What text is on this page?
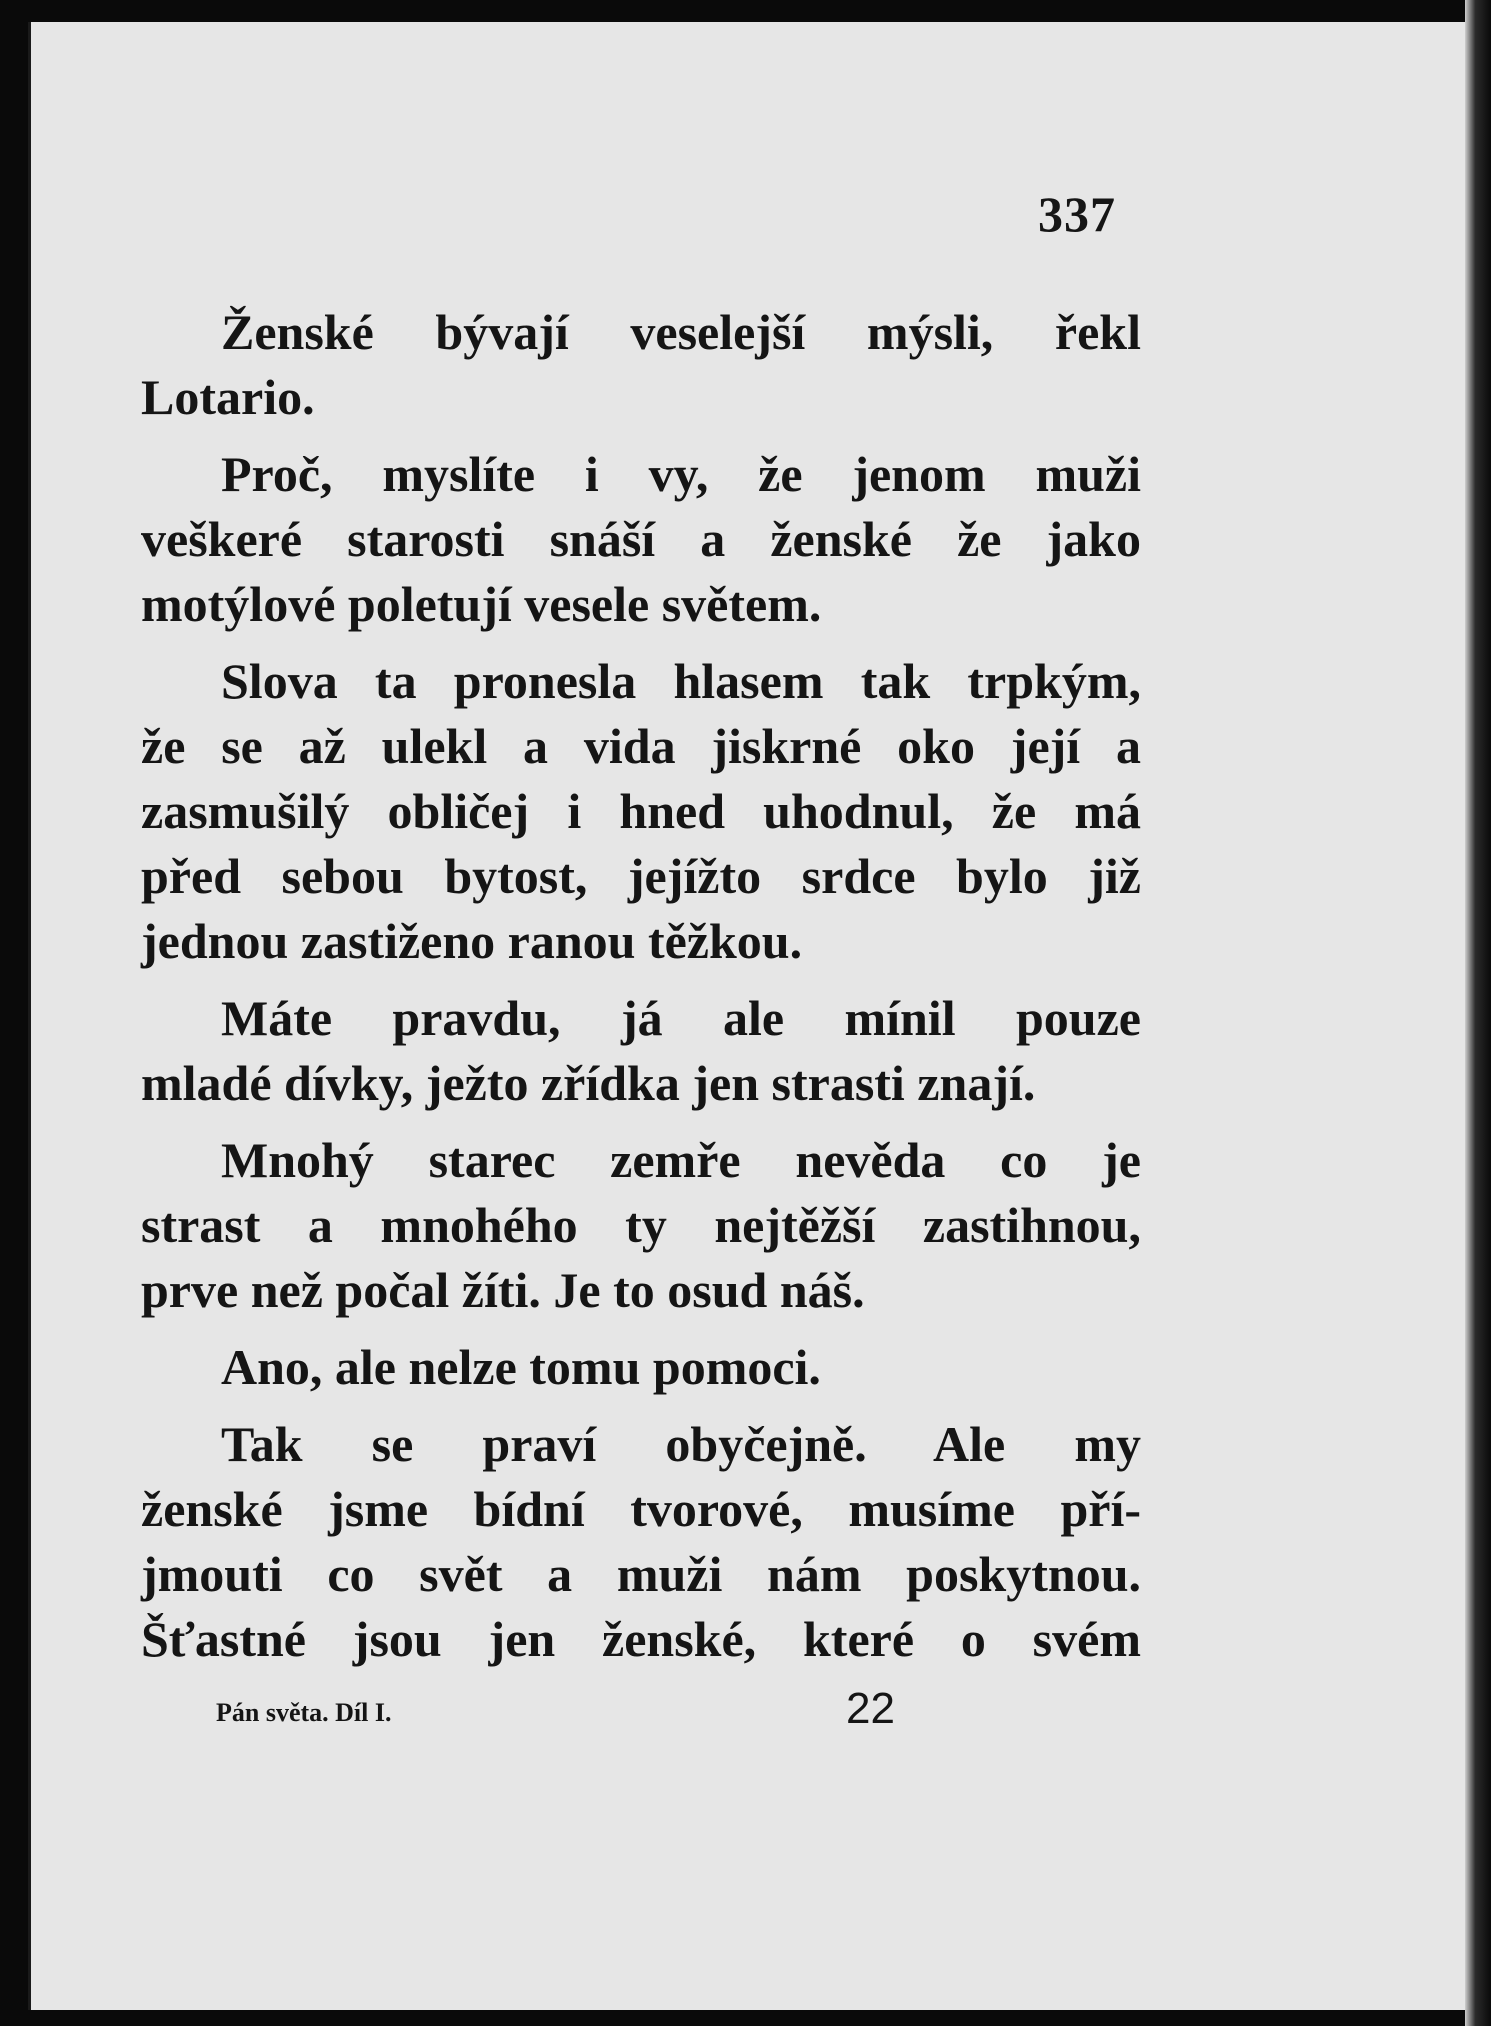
337
Ženské bývají veselejší mýsli, řekl
Lotario.
Proč, myslíte i vy, že jenom muži
veškeré starosti snáší a ženské že jako
motýlové poletují vesele světem.
Slova ta pronesla hlasem tak trpkým,
že se až ulekl a vida jiskrné oko její a
zasmušilý obličej i hned uhodnul, že má
před sebou bytost, jejížto srdce bylo již
jednou zastiženo ranou těžkou.
Máte pravdu, já ale mínil pouze
mladé dívky, ježto zřídka jen strasti znají.
Mnohý starec zemře nevěda co je
strast a mnohého ty nejtěžší zastihnou,
prve než počal žíti. Je to osud náš.
Ano, ale nelze tomu pomoci.
Tak se praví obyčejně. Ale my
ženské jsme bídní tvorové, musíme pří-
jmouti co svět a muži nám poskytnou.
Šťastné jsou jen ženské, které o svém
Pán světa. Díl I.	22
